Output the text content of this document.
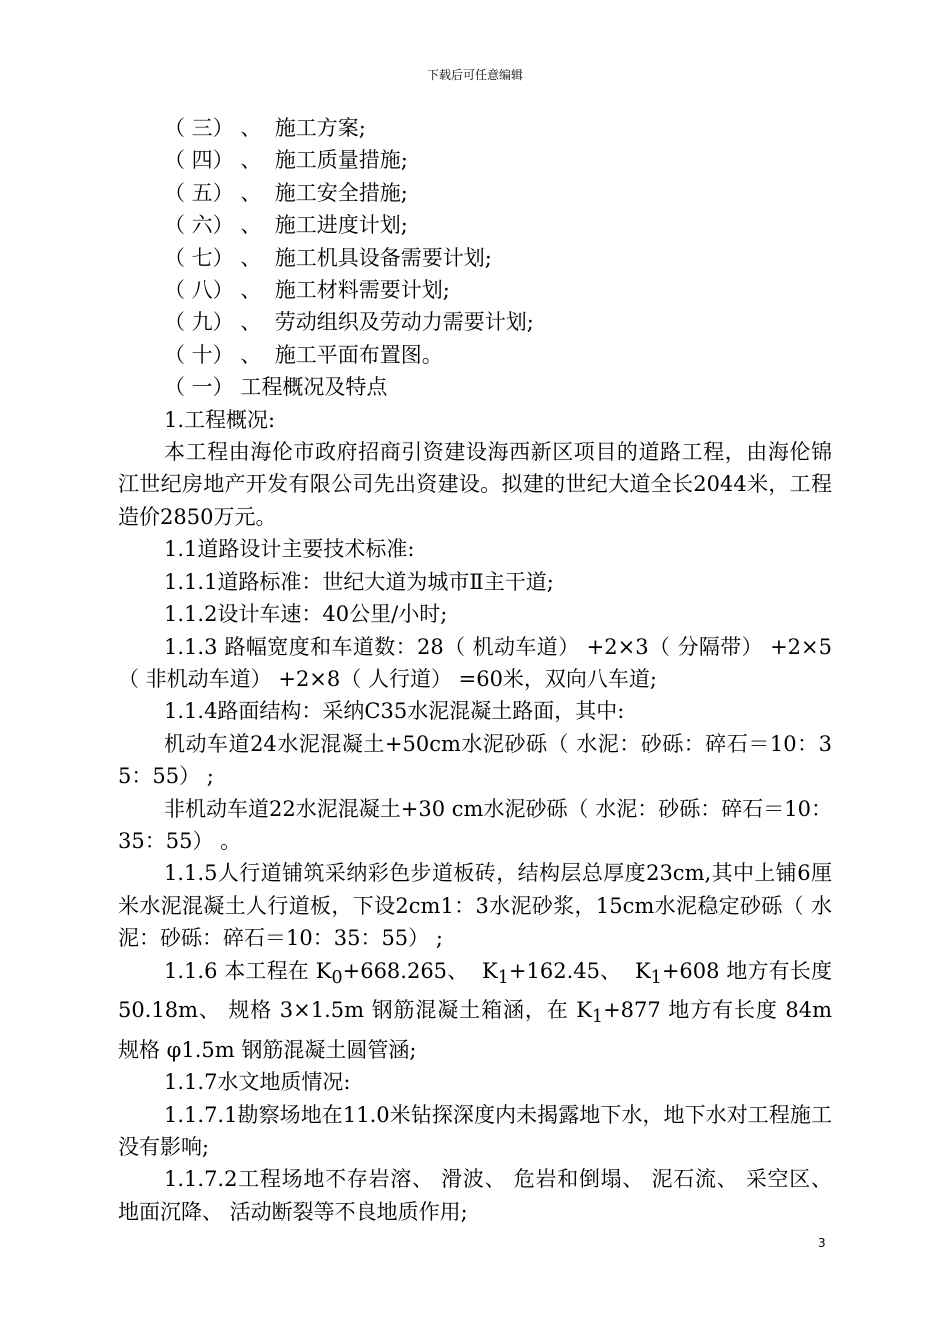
下载后可任意编辑

（ 三） 、  施工方案;

（ 四） 、  施工质量措施;

（ 五） 、  施工安全措施;

（ 六） 、  施工进度计划;

（ 七） 、  施工机具设备需要计划;

（ 八） 、  施工材料需要计划;

（ 九） 、  劳动组织及劳动力需要计划;

（ 十） 、  施工平面布置图。

（ 一） 工程概况及特点

1.工程概况:

本工程由海伦市政府招商引资建设海西新区项目的道路工程，由海伦锦江世纪房地产开发有限公司先出资建设。拟建的世纪大道全长2044米，工程造价2850万元。

1.1道路设计主要技术标准:

1.1.1道路标准：世纪大道为城市Ⅱ主干道;

1.1.2设计车速：40公里/小时;

1.1.3 路幅宽度和车道数：28（ 机动车道） +2×3（ 分隔带） +2×5（ 非机动车道） +2×8（ 人行道） =60米，双向八车道;

1.1.4路面结构：采纳C35水泥混凝土路面，其中:

机动车道24水泥混凝土+50cm水泥砂砾（ 水泥：砂砾：碎石＝10：35：55） ;

非机动车道22水泥混凝土+30 cm水泥砂砾（ 水泥：砂砾：碎石＝10：35：55） 。

1.1.5人行道铺筑采纳彩色步道板砖，结构层总厚度23cm,其中上铺6厘米水泥混凝土人行道板，下设2cm1：3水泥砂浆，15cm水泥稳定砂砾（ 水泥：砂砾：碎石＝10：35：55） ;

1.1.6 本工程在 $K_0+668.265$、  $K_1+162.45$、  $K_1+608$ 地方有长度 50.18m、 规格 3×1.5m 钢筋混凝土箱涵，在 $K_1+877$ 地方有长度 84m 规格 φ1.5m 钢筋混凝土圆管涵;

1.1.7水文地质情况:

1.1.7.1勘察场地在11.0米钻探深度内未揭露地下水，地下水对工程施工没有影响;

1.1.7.2工程场地不存岩溶、 滑波、 危岩和倒塌、 泥石流、 采空区、 地面沉降、 活动断裂等不良地质作用;

3
